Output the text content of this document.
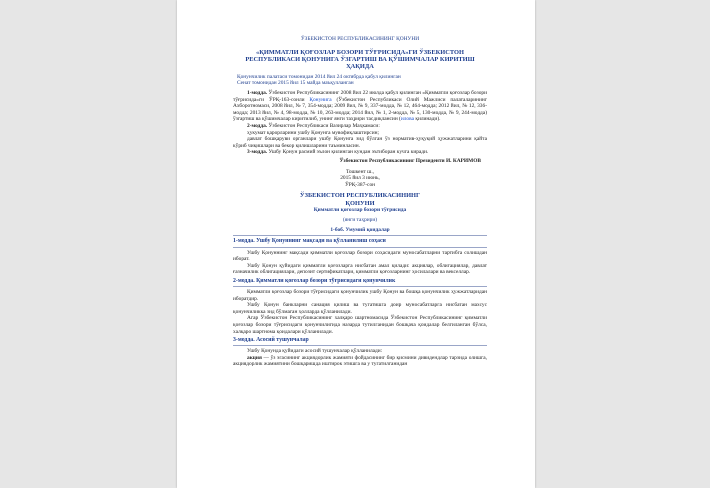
ЎЗБЕКИСТОН РЕСПУБЛИКАСИНИНГ ҚОНУНИ
«ҚИММАТЛИ ҚОҒОЗЛАР БОЗОРИ ТЎҒРИСИДА»ГИ ЎЗБЕКИСТОН
РЕСПУБЛИКАСИ ҚОНУНИГА ЎЗГАРТИШ ВА ҚЎШИМЧАЛАР КИРИТИШ
ҲАҚИДА
Қонунчилик палатаси томонидан 2014 йил 24 октябрда қабул қилинган
Сенат томонидан 2015 йил 15 майда маъқулланган

1-модда. Ўзбекистон Республикасининг 2008 йил 22 июлда қабул қилинган «Қимматли қоғозлар бозори тўғрисида»ги ЎРҚ-163-сонли Қонунига (Ўзбекистон Республикаси Олий Мажлиси палаталарининг Ахборотномаси, 2008 йил, № 7, 354-модда; 2009 йил, № 9, 337-модда, № 12, 464-модда; 2012 йил, № 12, 336-модда; 2013 йил, № 4, 98-модда, № 10, 263-модда; 2014 йил, № 1, 2-модда, № 5, 130-модда, № 9, 244-модда) ўзгартиш ва қўшимчалар киритилиб, унинг янги таҳрири тасдиқлансин (илова қилинади).

2-модда. Ўзбекистон Республикаси Вазирлар Маҳкамаси:

ҳукумат қарорларини ушбу Қонунга мувофиқлаштирсин;

давлат бошқаруви органлари ушбу Қонунга зид бўлган ўз норматив-ҳуқуқий ҳужжатларини қайта кўриб чиқишлари ва бекор қилишларини таъминласин.

3-модда. Ушбу Қонун расмий эълон қилинган кундан эътиборан кучга киради.

Ўзбекистон Республикасининг Президенти И. КАРИМОВ
Тошкент ш.,
2015 йил 3 июнь,
ЎРҚ-387-сон
ЎЗБЕКИСТОН РЕСПУБЛИКАСИНИНГ
ҚОНУНИ
Қимматли қоғозлар бозори тўғрисида
(янги таҳрири)
1-боб. Умумий қоидалар
1-модда. Ушбу Қонуннинг мақсади ва қўлланилиш соҳаси

Ушбу Қонуннинг мақсади қимматли қоғозлар бозори соҳасидаги муносабатларни тартибга солишдан иборат.

Ушбу Қонун қуйидаги қимматли қоғозларга нисбатан амал қилади: акциялар, облигациялар, давлат ғазначилик облигациялари, депозит сертификатлари, қимматли қоғозларнинг ҳосилалари ва векселлар.

2-модда. Қимматли қоғозлар бозори тўғрисидаги қонунчилик

Қимматли қоғозлар бозори тўғрисидаги қонунчилик ушбу Қонун ва бошқа қонунчилик ҳужжатларидан иборатдир.

Ушбу Қонун банкларни санация қилиш ва тугатишга доир муносабатларга нисбатан махсус қонунчиликка зид бўлмаган ҳолларда қўлланилади.

Агар Ўзбекистон Республикасининг халқаро шартномасида Ўзбекистон Республикасининг қимматли қоғозлар бозори тўғрисидаги қонунчилигида назарда тутилганидан бошқача қоидалар белгиланган бўлса, халқаро шартнома қоидалари қўлланилади.

3-модда. Асосий тушунчалар

Ушбу Қонунда қуйидаги асосий тушунчалар қўлланилади:

акция — ўз эгасининг акциядорлик жамияти фойдасининг бир қисмини дивидендлар тарзида олишга, акциядорлик жамиятини бошқаришда иштирок этишга ва у тугатилганидан
